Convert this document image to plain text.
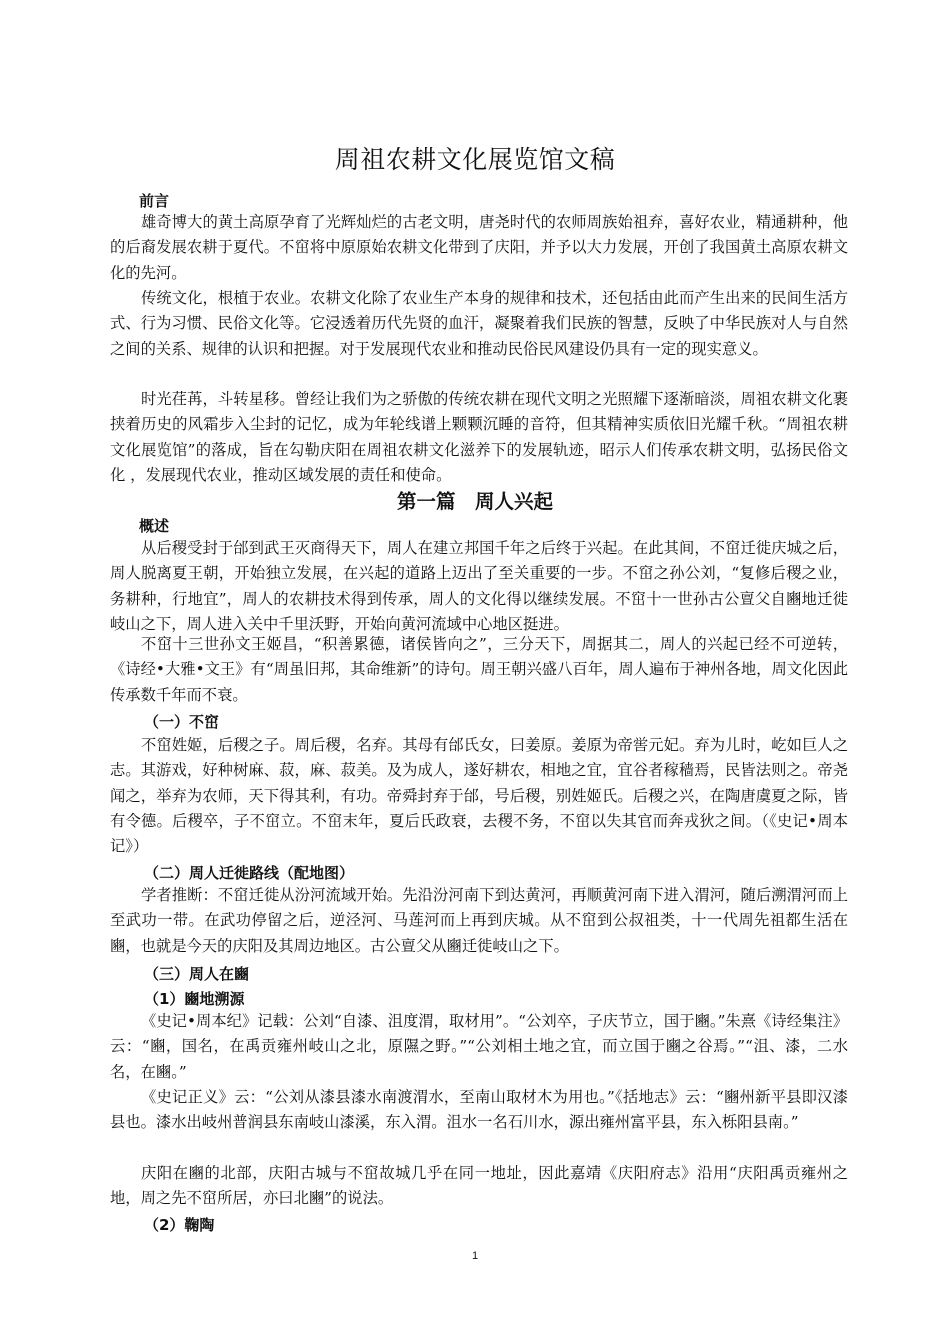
周祖农耕文化展览馆文稿
前言

雄奇博大的黄土高原孕育了光辉灿烂的古老文明，唐尧时代的农师周族始祖弃，喜好农业，精通耕种，他的后裔发展农耕于夏代。不窋将中原原始农耕文化带到了庆阳，并予以大力发展，开创了我国黄土高原农耕文化的先河。

传统文化，根植于农业。农耕文化除了农业生产本身的规律和技术，还包括由此而产生出来的民间生活方式、行为习惯、民俗文化等。它浸透着历代先贤的血汗，凝聚着我们民族的智慧，反映了中华民族对人与自然之间的关系、规律的认识和把握。对于发展现代农业和推动民俗民风建设仍具有一定的现实意义。

时光荏苒，斗转星移。曾经让我们为之骄傲的传统农耕在现代文明之光照耀下逐渐暗淡，周祖农耕文化裹挟着历史的风霜步入尘封的记忆，成为年轮线谱上颗颗沉睡的音符，但其精神实质依旧光耀千秋。“周祖农耕文化展览馆”的落成，旨在勾勒庆阳在周祖农耕文化滋养下的发展轨迹，昭示人们传承农耕文明，弘扬民俗文化 ，发展现代农业，推动区域发展的责任和使命。

第一篇　周人兴起
概述

从后稷受封于邰到武王灭商得天下，周人在建立邦国千年之后终于兴起。在此其间，不窋迁徙庆城之后，周人脱离夏王朝，开始独立发展，在兴起的道路上迈出了至关重要的一步。不窋之孙公刘，“复修后稷之业，务耕种，行地宜”，周人的农耕技术得到传承，周人的文化得以继续发展。不窋十一世孙古公亶父自豳地迁徙岐山之下，周人进入关中千里沃野，开始向黄河流域中心地区挺进。

不窋十三世孙文王姬昌，“积善累德，诸侯皆向之”，三分天下，周据其二，周人的兴起已经不可逆转，《诗经•大雅•文王》有“周虽旧邦，其命维新”的诗句。周王朝兴盛八百年，周人遍布于神州各地，周文化因此传承数千年而不衰。

（一）不窋

不窋姓姬，后稷之子。周后稷，名弃。其母有邰氏女，曰姜原。姜原为帝喾元妃。弃为儿时，屹如巨人之志。其游戏，好种树麻、菽，麻、菽美。及为成人，遂好耕农，相地之宜，宜谷者稼穑焉，民皆法则之。帝尧闻之，举弃为农师，天下得其利，有功。帝舜封弃于邰，号后稷，别姓姬氏。后稷之兴，在陶唐虞夏之际，皆有令德。后稷卒，子不窋立。不窋末年，夏后氏政衰，去稷不务，不窋以失其官而奔戎狄之间。（《史记•周本记》）

（二）周人迁徙路线（配地图）

学者推断：不窋迁徙从汾河流域开始。先沿汾河南下到达黄河，再顺黄河南下进入渭河，随后溯渭河而上至武功一带。在武功停留之后，逆泾河、马莲河而上再到庆城。从不窋到公叔祖类，十一代周先祖都生活在豳，也就是今天的庆阳及其周边地区。古公亶父从豳迁徙岐山之下。

（三）周人在豳
（1）豳地溯源

《史记•周本纪》记载：公刘“自漆、沮度渭，取材用”。“公刘卒，子庆节立，国于豳。”朱熹《诗经集注》云：“豳，国名，在禹贡雍州岐山之北，原隰之野。”“公刘相土地之宜，而立国于豳之谷焉。”“沮、漆，二水名，在豳。”

《史记正义》云：“公刘从漆县漆水南渡渭水，至南山取材木为用也。”《括地志》云：“豳州新平县即汉漆县也。漆水出岐州普润县东南岐山漆溪，东入渭。沮水一名石川水，源出雍州富平县，东入栎阳县南。”

庆阳在豳的北部，庆阳古城与不窋故城几乎在同一地址，因此嘉靖《庆阳府志》沿用“庆阳禹贡雍州之地，周之先不窋所居，亦曰北豳”的说法。

（2）鞠陶
1
